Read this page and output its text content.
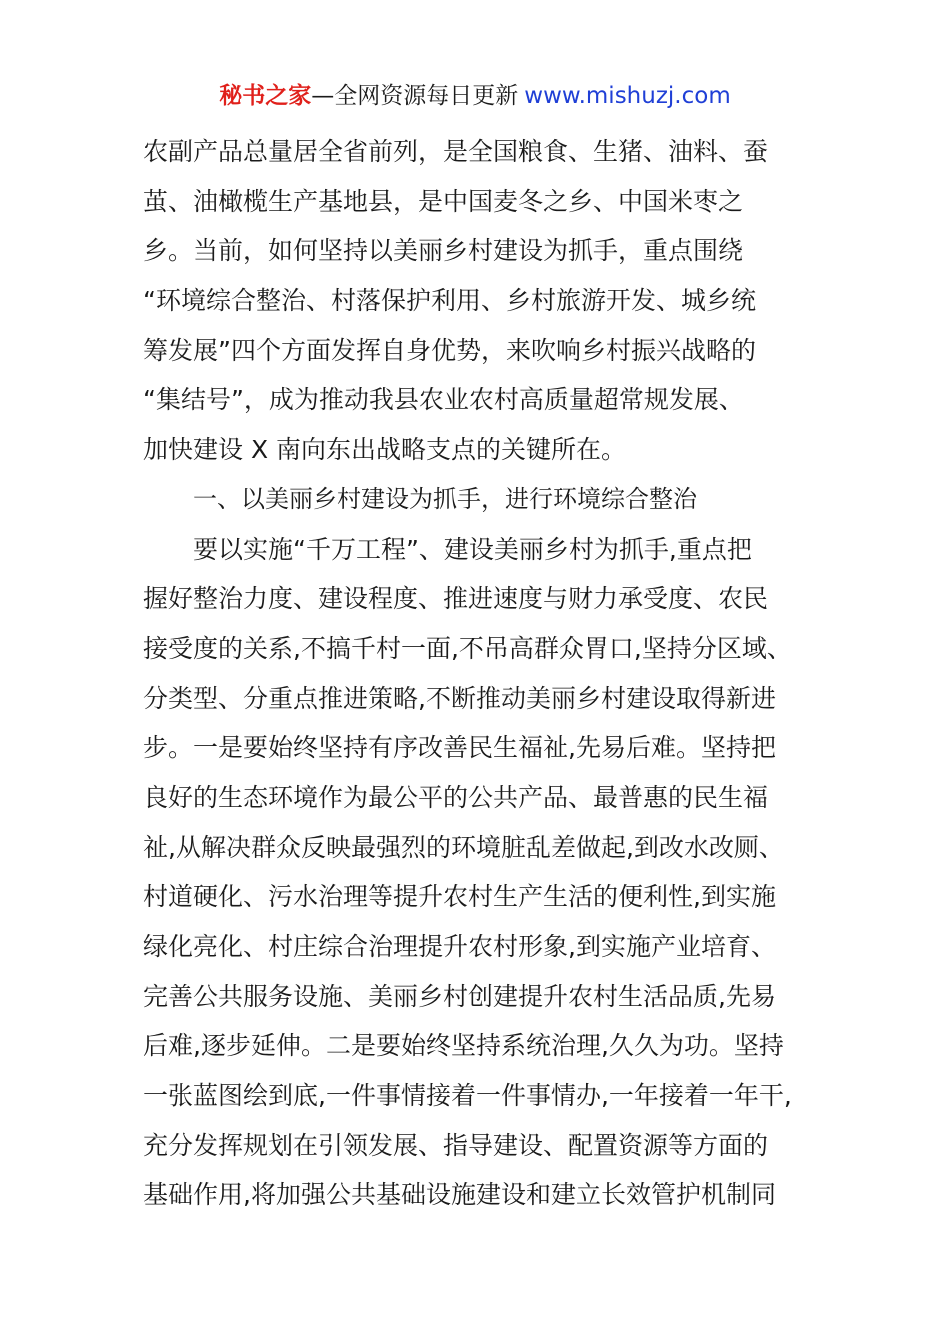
秘书之家—全网资源每日更新 www.mishuzj.com
农副产品总量居全省前列，是全国粮食、生猪、油料、蚕
茧、油橄榄生产基地县，是中国麦冬之乡、中国米枣之
乡。当前，如何坚持以美丽乡村建设为抓手，重点围绕
“环境综合整治、村落保护利用、乡村旅游开发、城乡统
筹发展”四个方面发挥自身优势，来吹响乡村振兴战略的
“集结号”，成为推动我县农业农村高质量超常规发展、
加快建设 X 南向东出战略支点的关键所在。
一、以美丽乡村建设为抓手，进行环境综合整治
要以实施“千万工程”、建设美丽乡村为抓手,重点把
握好整治力度、建设程度、推进速度与财力承受度、农民
接受度的关系,不搞千村一面,不吊高群众胃口,坚持分区域、
分类型、分重点推进策略,不断推动美丽乡村建设取得新进
步。一是要始终坚持有序改善民生福祉,先易后难。坚持把
良好的生态环境作为最公平的公共产品、最普惠的民生福
祉,从解决群众反映最强烈的环境脏乱差做起,到改水改厕、
村道硬化、污水治理等提升农村生产生活的便利性,到实施
绿化亮化、村庄综合治理提升农村形象,到实施产业培育、
完善公共服务设施、美丽乡村创建提升农村生活品质,先易
后难,逐步延伸。二是要始终坚持系统治理,久久为功。坚持
一张蓝图绘到底,一件事情接着一件事情办,一年接着一年干,
充分发挥规划在引领发展、指导建设、配置资源等方面的
基础作用,将加强公共基础设施建设和建立长效管护机制同
